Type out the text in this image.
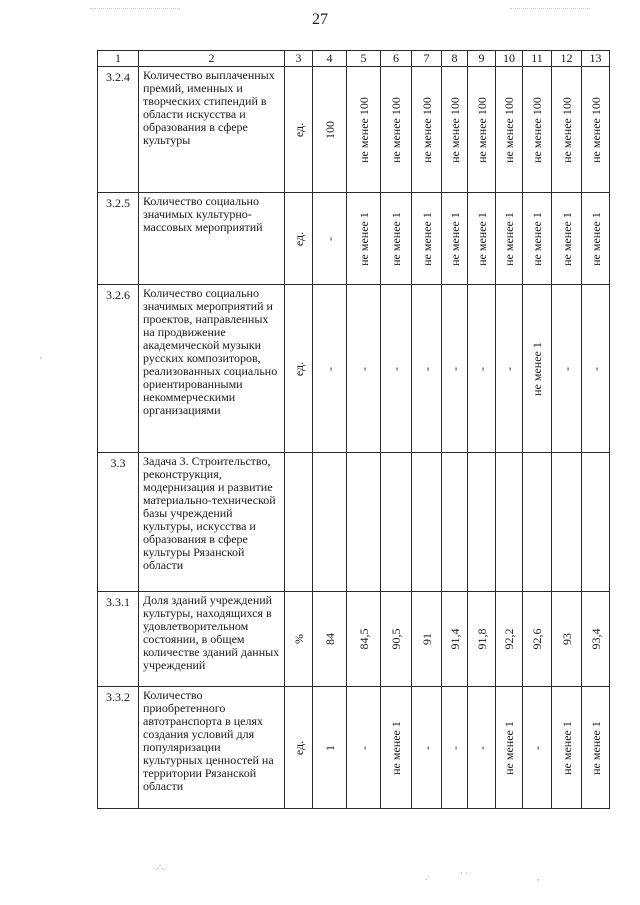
27
1	2	3	4	5	6	7	8	9	10	11	12	13
3.2.4	Количество выплаченных премий, именных и творческих стипендий в области искусства и образования в сфере культуры	ед.	100	не менее 100	не менее 100	не менее 100	не менее 100	не менее 100	не менее 100	не менее 100	не менее 100	не менее 100

3.2.5	Количество социально значимых культурно-массовых мероприятий	ед.	-	не менее 1	не менее 1	не менее 1	не менее 1	не менее 1	не менее 1	не менее 1	не менее 1	не менее 1

3.2.6	Количество социально значимых мероприятий и проектов, направленных на продвижение академической музыки русских композиторов, реализованных социально ориентированными некоммерческими организациями	ед.	-	-	-	-	-	-	-	не менее 1	-	-

3.3	Задача 3. Строительство, реконструкция, модернизация и развитие материально-технической базы учреждений культуры, искусства и образования в сфере культуры Рязанской области	

3.3.1	Доля зданий учреждений культуры, находящихся в удовлетворительном состоянии, в общем количестве зданий данных учреждений	%	84	84,5	90,5	91	91,4	91,8	92,2	92,6	93	93,4

3.3.2	Количество приобретенного автотранспорта в целях создания условий для популяризации культурных ценностей на территории Рязанской области	ед.	1	-	не менее 1	-	-	-	не менее 1	-	не менее 1	не менее 1
,
.∴.
.·	· ·	,
